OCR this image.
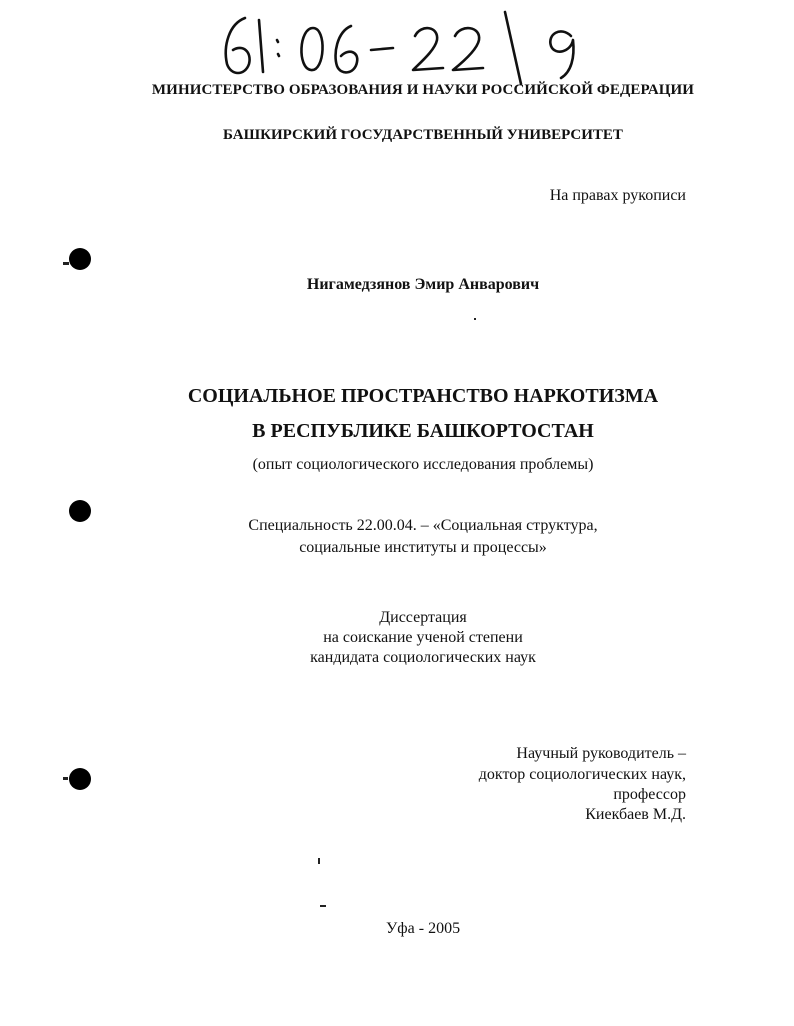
МИНИСТЕРСТВО ОБРАЗОВАНИЯ И НАУКИ РОССИЙСКОЙ ФЕДЕРАЦИИ
БАШКИРСКИЙ ГОСУДАРСТВЕННЫЙ УНИВЕРСИТЕТ
На правах рукописи
Нигамедзянов Эмир Анварович
СОЦИАЛЬНОЕ ПРОСТРАНСТВО НАРКОТИЗМА
В РЕСПУБЛИКЕ БАШКОРТОСТАН
(опыт социологического исследования проблемы)
Специальность 22.00.04. – «Социальная структура,
социальные институты и процессы»
Диссертация
на соискание ученой степени
кандидата социологических наук
Научный руководитель –
доктор социологических наук,
профессор
Киекбаев М.Д.
Уфа - 2005
